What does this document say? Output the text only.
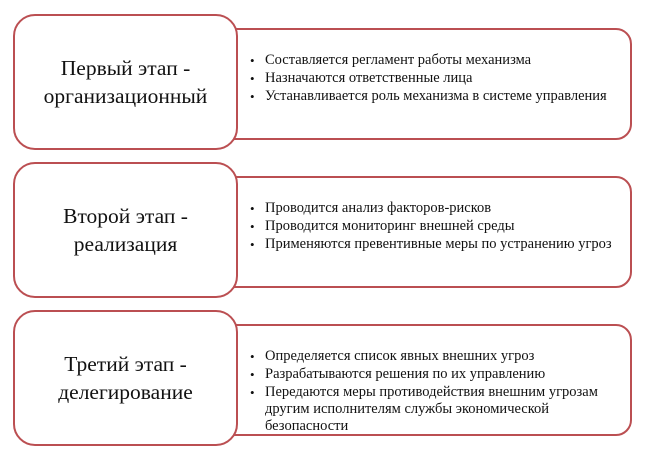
• Составляется регламент работы механизма
• Назначаются ответственные лица
• Устанавливается роль механизма в системе управления
Первый этап -
организационный
• Проводится анализ факторов-рисков
• Проводится мониторинг внешней среды
• Применяются превентивные меры по устранению угроз
Второй этап -
реализация
• Определяется список явных внешних угроз
• Разрабатываются решения по их управлению
• Передаются меры противодействия внешним угрозам другим исполнителям службы экономической безопасности
Третий этап -
делегирование
